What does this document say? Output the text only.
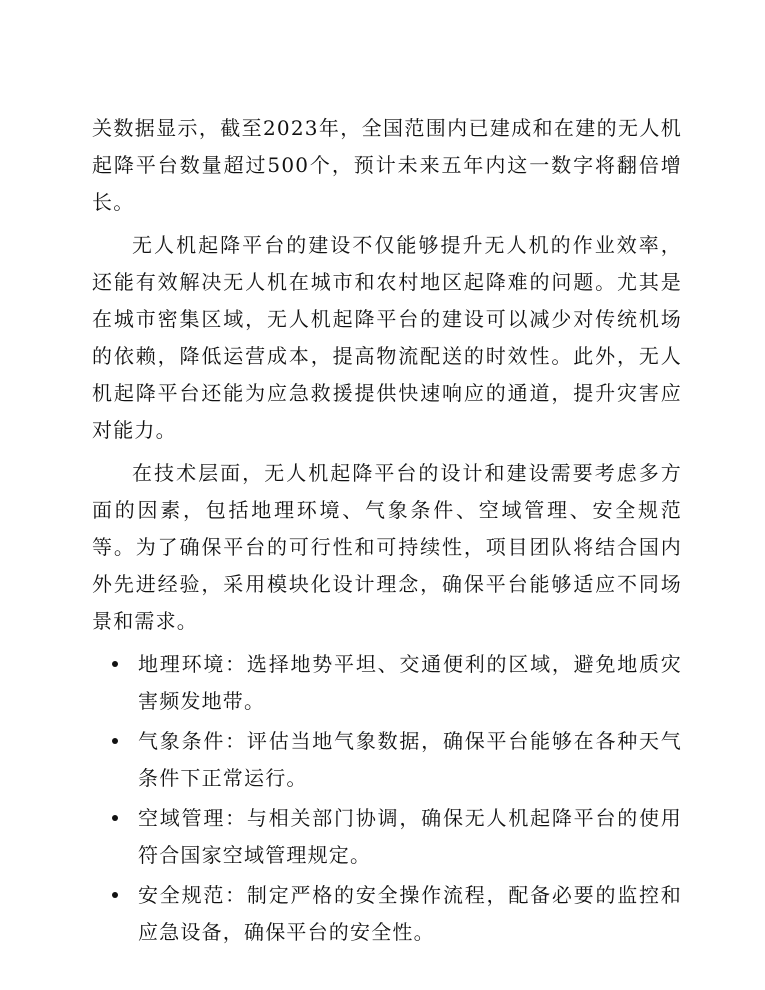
关数据显示，截至2023年，全国范围内已建成和在建的无人机起降平台数量超过500个，预计未来五年内这一数字将翻倍增长。

无人机起降平台的建设不仅能够提升无人机的作业效率，还能有效解决无人机在城市和农村地区起降难的问题。尤其是在城市密集区域，无人机起降平台的建设可以减少对传统机场的依赖，降低运营成本，提高物流配送的时效性。此外，无人机起降平台还能为应急救援提供快速响应的通道，提升灾害应对能力。

在技术层面，无人机起降平台的设计和建设需要考虑多方面的因素，包括地理环境、气象条件、空域管理、安全规范等。为了确保平台的可行性和可持续性，项目团队将结合国内外先进经验，采用模块化设计理念，确保平台能够适应不同场景和需求。

地理环境：选择地势平坦、交通便利的区域，避免地质灾害频发地带。
气象条件：评估当地气象数据，确保平台能够在各种天气条件下正常运行。
空域管理：与相关部门协调，确保无人机起降平台的使用符合国家空域管理规定。
安全规范：制定严格的安全操作流程，配备必要的监控和应急设备，确保平台的安全性。
